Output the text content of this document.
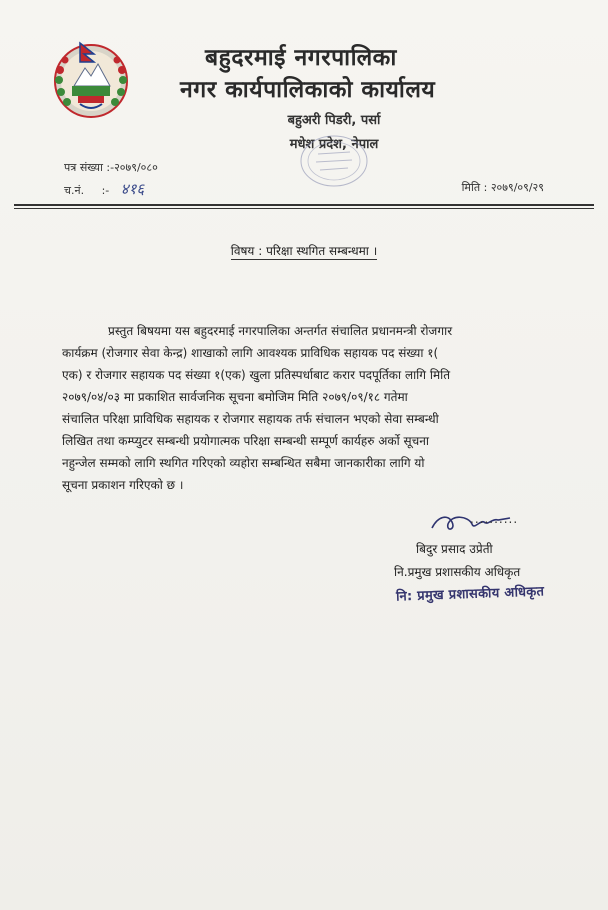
बहुदरमाई नगरपालिका
नगर कार्यपालिकाको कार्यालय
बहुअरी पिडरी, पर्सा
मधेश प्रदेश, नेपाल
पत्र संख्या :-२०७९/०८०
च.नं. :- ४१६	मिति : २०७९/०९/२९
विषय : परिक्षा स्थगित सम्बन्धमा ।
प्रस्तुत बिषयमा यस बहुदरमाई नगरपालिका अन्तर्गत संचालित प्रधानमन्त्री रोजगार
कार्यक्रम (रोजगार सेवा केन्द्र) शाखाको लागि आवश्यक प्राविधिक सहायक पद संख्या १(
एक) र रोजगार सहायक पद संख्या १(एक) खुला प्रतिस्पर्धाबाट करार पदपूर्तिका लागि मिति
२०७९/०४/०३ मा प्रकाशित सार्वजनिक सूचना बमोजिम मिति २०७९/०९/१८ गतेमा
संचालित परिक्षा प्राविधिक सहायक र रोजगार सहायक तर्फ संचालन भएको सेवा सम्बन्धी
लिखित तथा कम्प्युटर सम्बन्धी प्रयोगात्मक परिक्षा सम्बन्धी सम्पूर्ण कार्यहरु अर्को सूचना
नहुन्जेल सम्मको लागि स्थगित गरिएको व्यहोरा सम्बन्धित सबैमा जानकारीका लागि यो
सूचना प्रकाशन गरिएको छ ।
..........
बिदुर प्रसाद उप्रेती
नि.प्रमुख प्रशासकीय अधिकृत
नि: प्रमुख प्रशासकीय अधिकृत
